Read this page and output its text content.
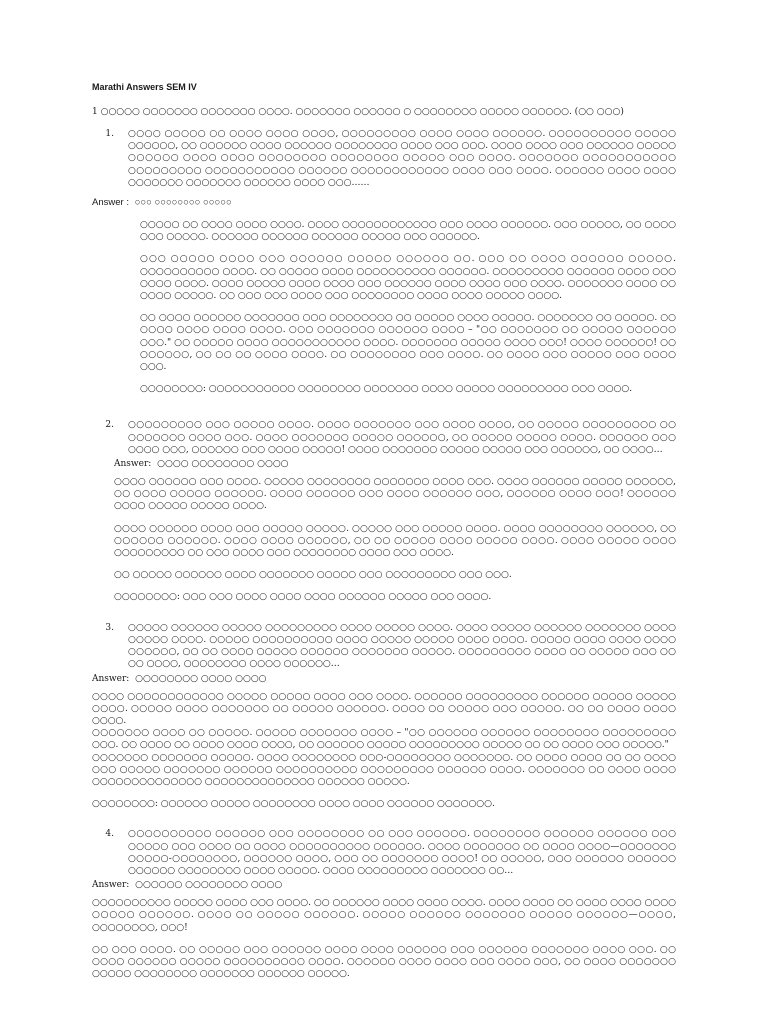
Marathi Answers SEM IV
1 ○○○○○ ○○○○○○○ ○○○○○○○ ○○○○. ○○○○○○○ ○○○○○○ ○ ○○○○○○○○ ○○○○○ ○○○○○○. (○○ ○○○)
1.	○○○○ ○○○○○ ○○ ○○○○ ○○○○ ○○○○, ○○○○○○○○○ ○○○○ ○○○○ ○○○○○○. ○○○○○○○○○○ ○○○○○ ○○○○○○, ○○ ○○○○○○ ○○○○ ○○○○○○ ○○○○○○○○ ○○○○ ○○○ ○○○. ○○○○ ○○○○ ○○○ ○○○○○○ ○○○○○ ○○○○○○ ○○○○ ○○○○ ○○○○○○○○ ○○○○○○○○ ○○○○○ ○○○ ○○○○. ○○○○○○○ ○○○○○○○○○○○ ○○○○○○○○○ ○○○○○○○○○○○ ○○○○○○ ○○○○○○○○○○○○ ○○○○ ○○○ ○○○○. ○○○○○○ ○○○○ ○○○○ ○○○○○○○ ○○○○○○○ ○○○○○○ ○○○○ ○○○……
Answer : ○○○ ○○○○○○○○ ○○○○○

○○○○○ ○○ ○○○○ ○○○○ ○○○○. ○○○○ ○○○○○○○○○○○○ ○○○ ○○○○ ○○○○○○. ○○○ ○○○○○, ○○ ○○○○ ○○○ ○○○○○. ○○○○○○ ○○○○○○ ○○○○○○ ○○○○○ ○○○ ○○○○○○.

○○○ ○○○○○ ○○○○ ○○○ ○○○○○○ ○○○○○ ○○○○○○ ○○. ○○○ ○○ ○○○○ ○○○○○○ ○○○○○. ○○○○○○○○○○ ○○○○. ○○ ○○○○○ ○○○○ ○○○○○○○○○○ ○○○○○○. ○○○○○○○○○ ○○○○○○ ○○○○ ○○○ ○○○○ ○○○○. ○○○○ ○○○○○ ○○○○ ○○○○ ○○○ ○○○○○○ ○○○○ ○○○○ ○○○ ○○○○. ○○○○○○○ ○○○○ ○○ ○○○○ ○○○○○. ○○ ○○○ ○○○ ○○○○ ○○○ ○○○○○○○○ ○○○○ ○○○○ ○○○○○ ○○○○.

○○ ○○○○ ○○○○○○ ○○○○○○○ ○○○ ○○○○○○○○ ○○ ○○○○○ ○○○○ ○○○○○. ○○○○○○○ ○○ ○○○○○. ○○ ○○○○ ○○○○ ○○○○ ○○○○. ○○○ ○○○○○○○ ○○○○○○ ○○○○ – "○○ ○○○○○○○ ○○ ○○○○○ ○○○○○○ ○○○." ○○ ○○○○○ ○○○○ ○○○○○○○○○○○ ○○○○. ○○○○○○○ ○○○○○ ○○○○ ○○○! ○○○○ ○○○○○○! ○○ ○○○○○○, ○○ ○○ ○○ ○○○○ ○○○○. ○○ ○○○○○○○○ ○○○ ○○○○. ○○ ○○○○ ○○○ ○○○○○ ○○○ ○○○○ ○○○.

○○○○○○○○: ○○○○○○○○○○○ ○○○○○○○○ ○○○○○○○ ○○○○ ○○○○○ ○○○○○○○○○ ○○○ ○○○○.

2.	○○○○○○○○○ ○○○ ○○○○○ ○○○○. ○○○○ ○○○○○○○ ○○○ ○○○○ ○○○○, ○○ ○○○○○ ○○○○○○○○○ ○○ ○○○○○○○ ○○○○ ○○○. ○○○○ ○○○○○○○ ○○○○○ ○○○○○○, ○○ ○○○○○ ○○○○○ ○○○○. ○○○○○○ ○○○ ○○○○ ○○○, ○○○○○○ ○○○ ○○○○ ○○○○○! ○○○○ ○○○○○○○ ○○○○○ ○○○○○ ○○○ ○○○○○○, ○○ ○○○○…
Answer: ○○○○ ○○○○○○○○ ○○○○

○○○○ ○○○○○○ ○○○ ○○○○. ○○○○○ ○○○○○○○○ ○○○○○○○ ○○○○ ○○○. ○○○○ ○○○○○○ ○○○○○ ○○○○○○, ○○ ○○○○ ○○○○○ ○○○○○○. ○○○○ ○○○○○○ ○○○ ○○○○ ○○○○○○ ○○○, ○○○○○○ ○○○○ ○○○! ○○○○○○ ○○○○ ○○○○○ ○○○○○ ○○○○.

○○○○ ○○○○○○ ○○○○ ○○○ ○○○○○ ○○○○○. ○○○○○ ○○○ ○○○○○ ○○○○. ○○○○ ○○○○○○○○ ○○○○○○, ○○ ○○○○○○ ○○○○○○. ○○○○ ○○○○ ○○○○○○, ○○ ○○ ○○○○○ ○○○○ ○○○○○ ○○○○. ○○○○ ○○○○○ ○○○○ ○○○○○○○○○ ○○ ○○○ ○○○○ ○○○ ○○○○○○○○ ○○○○ ○○○ ○○○○.

○○ ○○○○○ ○○○○○○ ○○○○ ○○○○○○○ ○○○○○ ○○○ ○○○○○○○○○ ○○○ ○○○.

○○○○○○○○: ○○○ ○○○ ○○○○ ○○○○ ○○○○ ○○○○○○ ○○○○○ ○○○ ○○○○.

3.	○○○○○ ○○○○○○ ○○○○○ ○○○○○○○○○ ○○○○ ○○○○○ ○○○○. ○○○○ ○○○○○ ○○○○○○ ○○○○○○○ ○○○○ ○○○○○ ○○○○. ○○○○○ ○○○○○○○○○○ ○○○○ ○○○○○ ○○○○○ ○○○○ ○○○○. ○○○○○ ○○○○ ○○○○ ○○○○ ○○○○○○, ○○ ○○ ○○○○ ○○○○○ ○○○○○○ ○○○○○○○ ○○○○○. ○○○○○○○○○ ○○○○ ○○ ○○○○○ ○○○ ○○ ○○ ○○○○, ○○○○○○○○ ○○○○ ○○○○○○…
Answer: ○○○○○○○○ ○○○○ ○○○○

○○○○ ○○○○○○○○○○○○ ○○○○○ ○○○○○ ○○○○ ○○○ ○○○○. ○○○○○○ ○○○○○○○○○ ○○○○○○ ○○○○○ ○○○○○ ○○○○. ○○○○○ ○○○○ ○○○○○○○ ○○ ○○○○○ ○○○○○○. ○○○○ ○○ ○○○○○ ○○○ ○○○○○. ○○ ○○ ○○○○ ○○○○ ○○○○.

○○○○○○○ ○○○○ ○○ ○○○○○. ○○○○○ ○○○○○○○ ○○○○ – "○○ ○○○○○○ ○○○○○○ ○○○○○○○○ ○○○○○○○○○ ○○○. ○○ ○○○○ ○○ ○○○○ ○○○○ ○○○○, ○○ ○○○○○○ ○○○○○ ○○○○○○○○○ ○○○○○ ○○ ○○ ○○○○ ○○○ ○○○○○."

○○○○○○○ ○○○○○○○ ○○○○○. ○○○○ ○○○○○○○○ ○○○-○○○○○○○○ ○○○○○○○. ○○ ○○○○ ○○○○ ○○ ○○ ○○○○ ○○○ ○○○○○ ○○○○○○○ ○○○○○○ ○○○○○○○○○○ ○○○○○○○○○ ○○○○○○ ○○○○. ○○○○○○○ ○○ ○○○○ ○○○○ ○○○○○○○○○○○○○○ ○○○○○○○○○○○○○○ ○○○○○○ ○○○○○.

○○○○○○○○: ○○○○○○ ○○○○○ ○○○○○○○○ ○○○○ ○○○○ ○○○○○○ ○○○○○○○.

4.	○○○○○○○○○○ ○○○○○○ ○○○ ○○○○○○○○ ○○ ○○○ ○○○○○○. ○○○○○○○○ ○○○○○○ ○○○○○○ ○○○ ○○○○○ ○○○ ○○○○ ○○ ○○○○ ○○○○○○○○○○ ○○○○○○. ○○○○ ○○○○○○○ ○○ ○○○○ ○○○○—○○○○○○○ ○○○○○-○○○○○○○○, ○○○○○○ ○○○○, ○○○ ○○ ○○○○○○○ ○○○○! ○○ ○○○○○, ○○○ ○○○○○○ ○○○○○○ ○○○○○○ ○○○○○○○○ ○○○○ ○○○○○. ○○○○ ○○○○○○○○○ ○○○○○○○ ○○…
Answer: ○○○○○○ ○○○○○○○○ ○○○○

○○○○○○○○○○ ○○○○○ ○○○○ ○○○ ○○○○. ○○ ○○○○○○ ○○○○ ○○○○ ○○○○. ○○○○ ○○○○ ○○ ○○○○ ○○○○ ○○○○ ○○○○○ ○○○○○○. ○○○○ ○○ ○○○○○ ○○○○○○. ○○○○○ ○○○○○○ ○○○○○○○ ○○○○○ ○○○○○○—○○○○, ○○○○○○○○, ○○○!

○○ ○○○ ○○○○. ○○ ○○○○○ ○○○ ○○○○○○ ○○○○ ○○○○ ○○○○○○ ○○○ ○○○○○○ ○○○○○○○ ○○○○ ○○○. ○○ ○○○○ ○○○○○○ ○○○○○ ○○○○○○○○○○ ○○○○. ○○○○○○ ○○○○ ○○○○ ○○○ ○○○○ ○○○, ○○ ○○○○ ○○○○○○○ ○○○○○ ○○○○○○○○ ○○○○○○○ ○○○○○○ ○○○○○.
